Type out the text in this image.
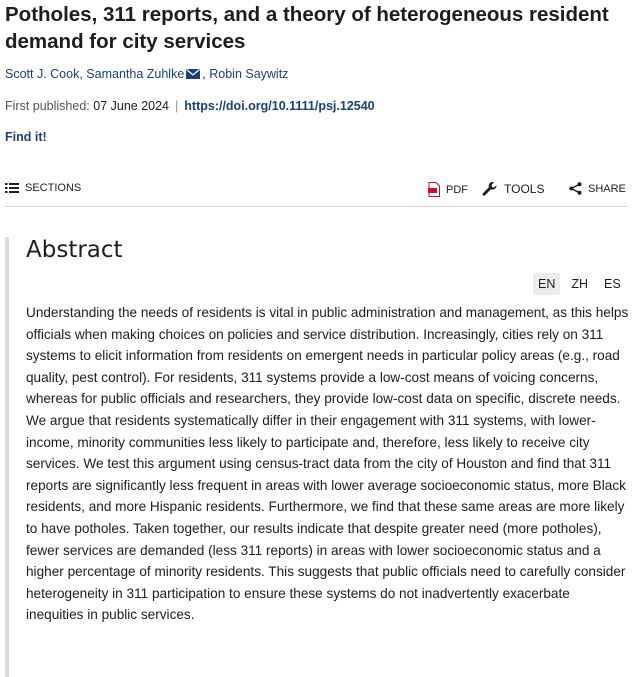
Potholes, 311 reports, and a theory of heterogeneous resident demand for city services
Scott J. Cook, Samantha Zuhlke , Robin Saywitz
First published: 07 June 2024 | https://doi.org/10.1111/psj.12540
Find it!
SECTIONS	PDF	TOOLS	SHARE
Abstract
EN	ZH	ES

Understanding the needs of residents is vital in public administration and management, as this helps officials when making choices on policies and service distribution. Increasingly, cities rely on 311 systems to elicit information from residents on emergent needs in particular policy areas (e.g., road quality, pest control). For residents, 311 systems provide a low-cost means of voicing concerns, whereas for public officials and researchers, they provide low-cost data on specific, discrete needs. We argue that residents systematically differ in their engagement with 311 systems, with lower-income, minority communities less likely to participate and, therefore, less likely to receive city services. We test this argument using census-tract data from the city of Houston and find that 311 reports are significantly less frequent in areas with lower average socioeconomic status, more Black residents, and more Hispanic residents. Furthermore, we find that these same areas are more likely to have potholes. Taken together, our results indicate that despite greater need (more potholes), fewer services are demanded (less 311 reports) in areas with lower socioeconomic status and a higher percentage of minority residents. This suggests that public officials need to carefully consider heterogeneity in 311 participation to ensure these systems do not inadvertently exacerbate inequities in public services.
